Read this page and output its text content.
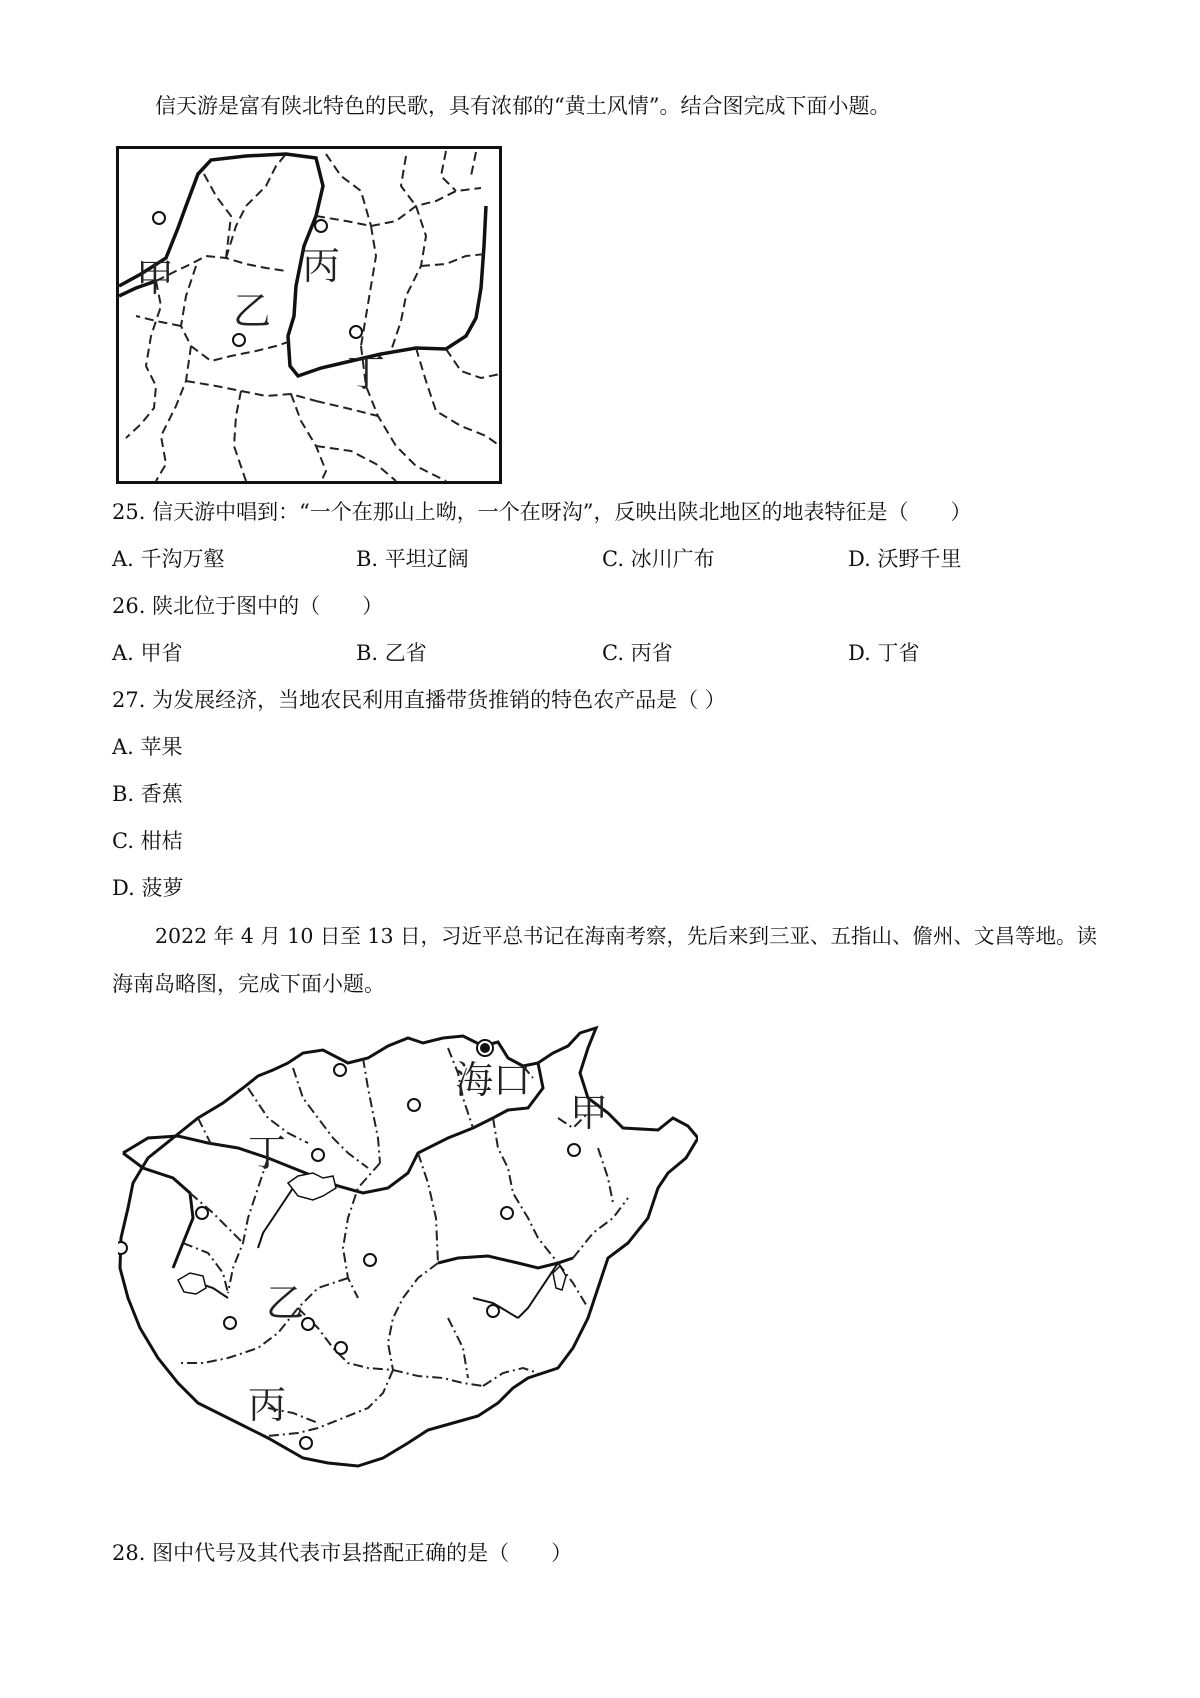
信天游是富有陕北特色的民歌，具有浓郁的“黄土风情”。结合图完成下面小题。
甲
乙
丙
丁
25. 信天游中唱到：“一个在那山上呦，一个在呀沟”，反映出陕北地区的地表特征是（　　）
A. 千沟万壑	B. 平坦辽阔	C. 冰川广布	D. 沃野千里
26. 陕北位于图中的（　　）
A. 甲省	B. 乙省	C. 丙省	D. 丁省
27. 为发展经济，当地农民利用直播带货推销的特色农产品是（ ）
A. 苹果
B. 香蕉
C. 柑桔
D. 菠萝
2022 年 4 月 10 日至 13 日，习近平总书记在海南考察，先后来到三亚、五指山、儋州、文昌等地。读
海南岛略图，完成下面小题。
海口
甲
丁
乙
丙
28. 图中代号及其代表市县搭配正确的是（　　）
